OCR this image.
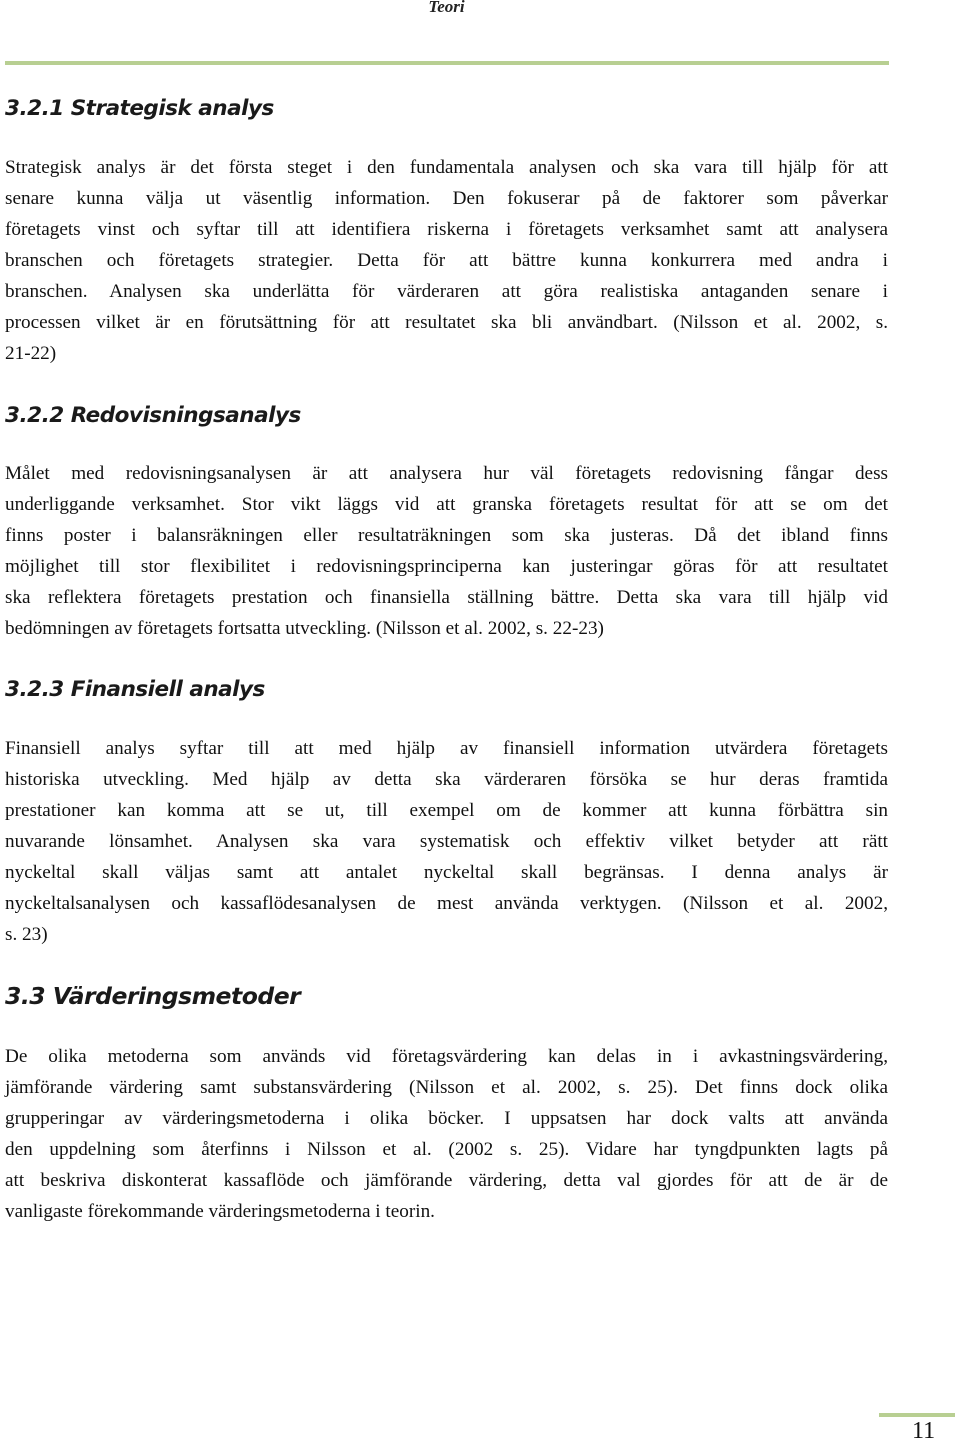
Teori
3.2.1 Strategisk analys

Strategisk analys är det första steget i den fundamentala analysen och ska vara till hjälp för att
senare kunna välja ut väsentlig information. Den fokuserar på de faktorer som påverkar
företagets vinst och syftar till att identifiera riskerna i företagets verksamhet samt att analysera
branschen och företagets strategier. Detta för att bättre kunna konkurrera med andra i
branschen. Analysen ska underlätta för värderaren att göra realistiska antaganden senare i
processen vilket är en förutsättning för att resultatet ska bli användbart. (Nilsson et al. 2002, s.
21-22)

3.2.2 Redovisningsanalys

Målet med redovisningsanalysen är att analysera hur väl företagets redovisning fångar dess
underliggande verksamhet. Stor vikt läggs vid att granska företagets resultat för att se om det
finns poster i balansräkningen eller resultaträkningen som ska justeras. Då det ibland finns
möjlighet till stor flexibilitet i redovisningsprinciperna kan justeringar göras för att resultatet
ska reflektera företagets prestation och finansiella ställning bättre. Detta ska vara till hjälp vid
bedömningen av företagets fortsatta utveckling. (Nilsson et al. 2002, s. 22-23)

3.2.3 Finansiell analys

Finansiell analys syftar till att med hjälp av finansiell information utvärdera företagets
historiska utveckling. Med hjälp av detta ska värderaren försöka se hur deras framtida
prestationer kan komma att se ut, till exempel om de kommer att kunna förbättra sin
nuvarande lönsamhet. Analysen ska vara systematisk och effektiv vilket betyder att rätt
nyckeltal skall väljas samt att antalet nyckeltal skall begränsas. I denna analys är
nyckeltalsanalysen och kassaflödesanalysen de mest använda verktygen. (Nilsson et al. 2002,
s. 23)

3.3 Värderingsmetoder

De olika metoderna som används vid företagsvärdering kan delas in i avkastningsvärdering,
jämförande värdering samt substansvärdering (Nilsson et al. 2002, s. 25). Det finns dock olika
grupperingar av värderingsmetoderna i olika böcker. I uppsatsen har dock valts att använda
den uppdelning som återfinns i Nilsson et al. (2002 s. 25). Vidare har tyngdpunkten lagts på
att beskriva diskonterat kassaflöde och jämförande värdering, detta val gjordes för att de är de
vanligaste förekommande värderingsmetoderna i teorin.

11
